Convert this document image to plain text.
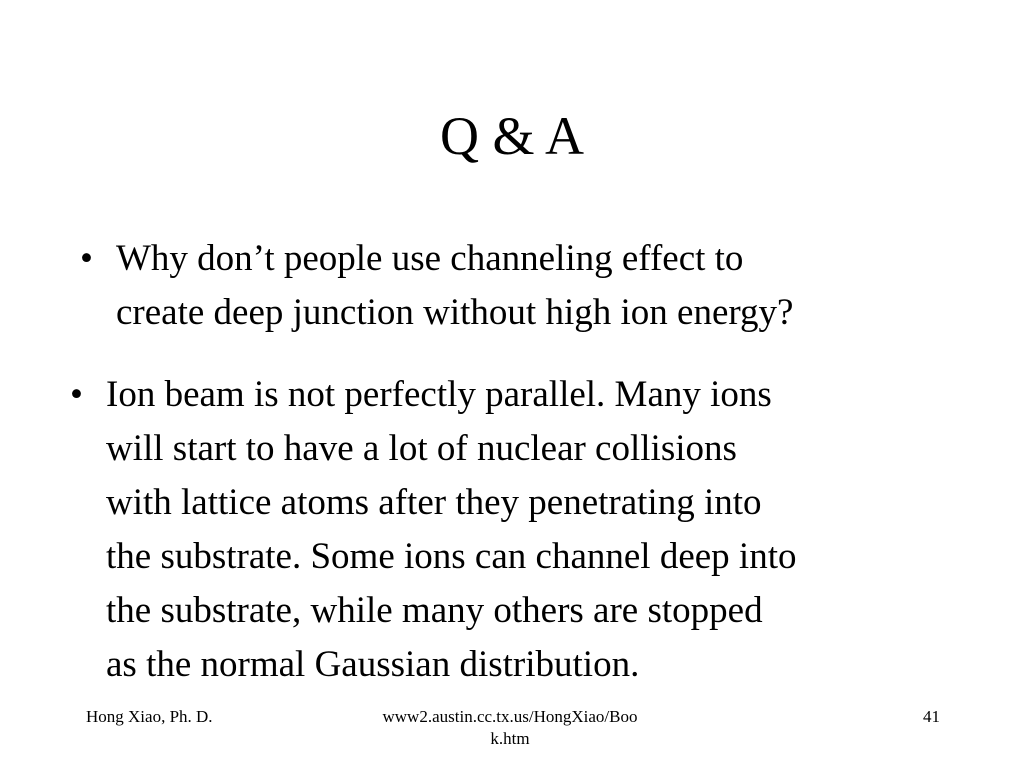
Q & A
• Why don’t people use channeling effect to
create deep junction without high ion energy?
• Ion beam is not perfectly parallel. Many ions
will start to have a lot of nuclear collisions
with lattice atoms after they penetrating into
the substrate. Some ions can channel deep into
the substrate, while many others are stopped
as the normal Gaussian distribution.
Hong Xiao, Ph. D.	www2.austin.cc.tx.us/HongXiao/Boo
k.htm
41
